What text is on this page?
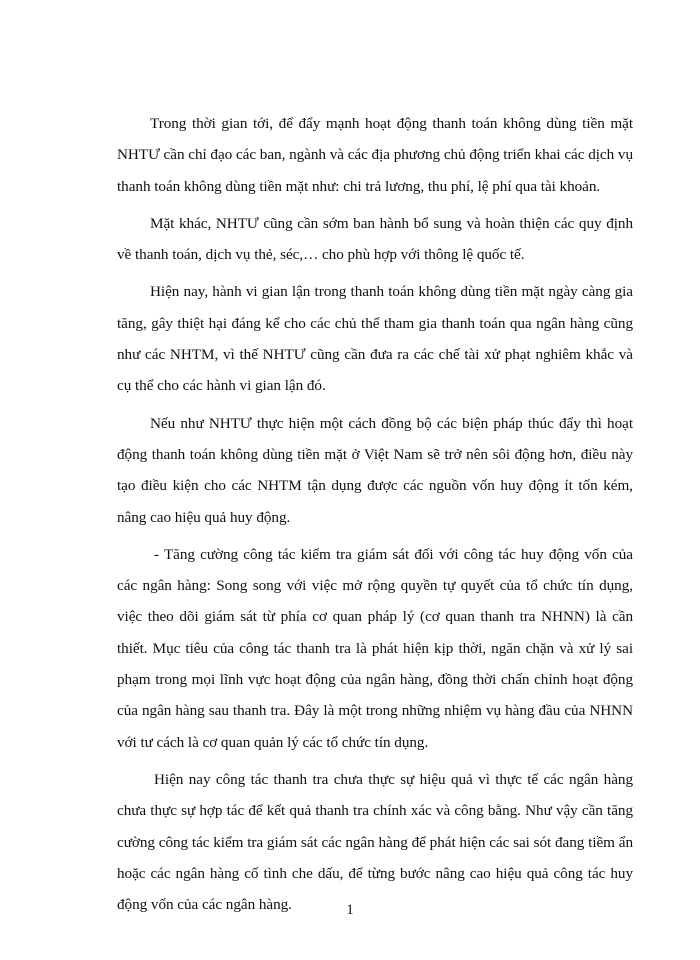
Trong thời gian tới, để đẩy mạnh hoạt động thanh toán không dùng tiền mặt NHTƯ cần chỉ đạo các ban, ngành và các địa phương chủ động triển khai các dịch vụ thanh toán không dùng tiền mặt như: chi trả lương, thu phí, lệ phí qua tài khoản.

Mặt khác, NHTƯ cũng cần sớm ban hành bổ sung và hoàn thiện các quy định về thanh toán, dịch vụ thẻ, séc,… cho phù hợp với thông lệ quốc tế.

Hiện nay, hành vi gian lận trong thanh toán không dùng tiền mặt ngày càng gia tăng, gây thiệt hại đáng kể cho các chủ thể tham gia thanh toán qua ngân hàng cũng như các NHTM, vì thế NHTƯ cũng cần đưa ra các chế tài xử phạt nghiêm khắc và cụ thể cho các hành vi gian lận đó.

Nếu như NHTƯ thực hiện một cách đồng bộ các biện pháp thúc đẩy thì hoạt động thanh toán không dùng tiền mặt ở Việt Nam sẽ trở nên sôi động hơn, điều này tạo điều kiện cho các NHTM tận dụng được các nguồn vốn huy động ít tốn kém, nâng cao hiệu quả huy động.

- Tăng cường công tác kiểm tra giám sát đối với công tác huy động vốn của các ngân hàng: Song song với việc mở rộng quyền tự quyết của tổ chức tín dụng, việc theo dõi giám sát từ phía cơ quan pháp lý (cơ quan thanh tra NHNN) là cần thiết. Mục tiêu của công tác thanh tra là phát hiện kịp thời, ngăn chặn và xử lý sai phạm trong mọi lĩnh vực hoạt động của ngân hàng, đồng thời chấn chỉnh hoạt động của ngân hàng sau thanh tra. Đây là một trong những nhiệm vụ hàng đầu của NHNN với tư cách là cơ quan quản lý các tổ chức tín dụng.

Hiện nay công tác thanh tra chưa thực sự hiệu quả vì thực tế các ngân hàng chưa thực sự hợp tác để kết quả thanh tra chính xác và công bằng. Như vậy cần tăng cường công tác kiểm tra giám sát các ngân hàng để phát hiện các sai sót đang tiềm ẩn hoặc các ngân hàng cố tình che dấu, để từng bước nâng cao hiệu quả công tác huy động vốn của các ngân hàng.	1
